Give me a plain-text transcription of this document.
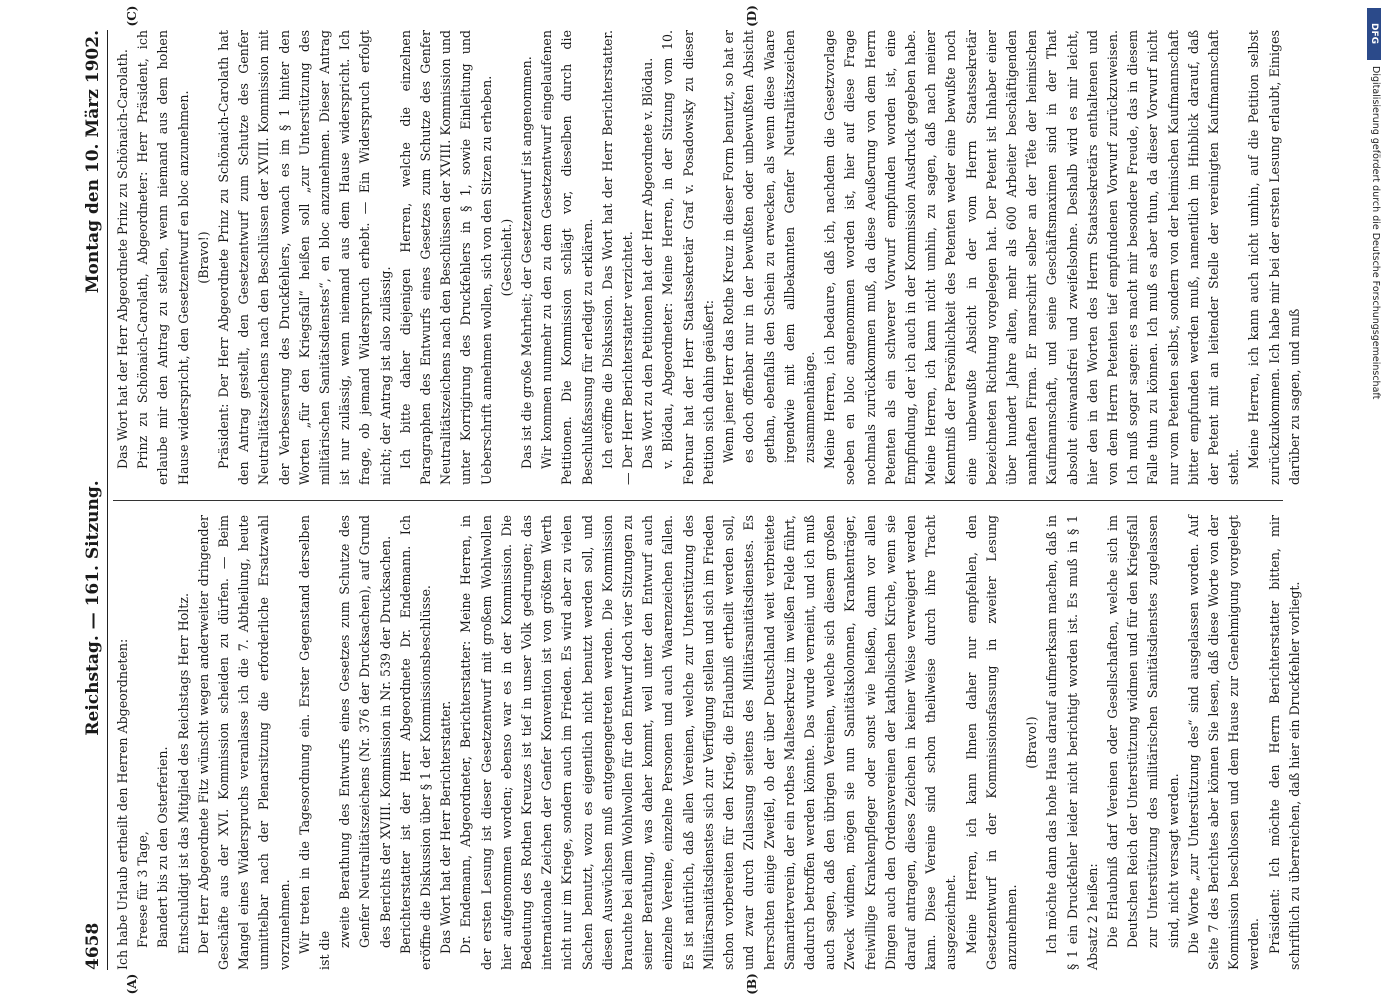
4658
Reichstag. — 161. Sitzung.
Montag den 10. März 1902.

Ich habe Urlaub ertheilt den Herren Abgeordneten: Freese für 3 Tage, Bandert bis zu den Osterferien. Entschuldigt ist das Mitglied des Reichstags Herr Holtz. Der Herr Abgeordnete Fitz wünscht wegen anderweiter dringender Geschäfte aus der XVI. Kommission scheiden zu dürfen. — Beim Mangel eines Widerspruchs veranlasse ich die 7. Abtheilung, heute unmittelbar nach der Plenarsitzung die erforderliche Ersatzwahl vorzunehmen. Wir treten in die Tagesordnung ein. Erster Gegenstand derselben ist die

zweite Berathung des Entwurfs eines Gesetzes zum Schutze des Genfer Neutralitätszeichens (Nr. 376 der Drucksachen), auf Grund des Berichts der XVIII. Kommission in Nr. 539 der Drucksachen. Berichterstatter ist der Herr Abgeordnete Dr. Endemann. Ich eröffne die Diskussion über § 1 der Kommissionsbeschlüsse. Das Wort hat der Herr Berichterstatter. Dr. Endemann, Abgeordneter, Berichterstatter: Meine Herren, in der ersten Lesung ist dieser Gesetzentwurf mit großem Wohlwollen hier aufgenommen worden; ebenso war es in der Kommission. Die Bedeutung des Rothen Kreuzes ist tief in unser Volk gedrungen; das internationale Zeichen der Genfer Konvention ist von größtem Werth nicht nur im Kriege, sondern auch im Frieden. Es wird aber zu vielen Sachen benutzt, wozu es eigentlich nicht benutzt werden soll, und diesen Auswüchsen muß entgegengetreten werden. Die Kommission brauchte bei allem Wohlwollen für den Entwurf doch vier Sitzungen zu seiner Berathung, was daher kommt, weil unter den Entwurf auch einzelne Vereine, einzelne Personen und auch Waarenzeichen fallen. Es ist natürlich, daß allen Vereinen, welche zur Unterstützung des Militärsanitätsdienstes sich zur Verfügung stellen und sich im Frieden schon vorbereiten für den Krieg, die Erlaubniß ertheilt werden soll, und zwar durch Zulassung seitens des Militärsanitätsdienstes. Es herrschten einige Zweifel, ob der über Deutschland weit verbreitete Samariterverein, der ein rothes Malteserkreuz im weißen Felde führt, dadurch betroffen werden könnte. Das wurde verneint, und ich muß auch sagen, daß den übrigen Vereinen, welche sich diesem großen Zweck widmen, mögen sie nun Sanitätskolonnen, Krankenträger, freiwillige Krankenpfleger oder sonst wie heißen, dann vor allen Dingen auch den Ordensvereinen der katholischen Kirche, wenn sie darauf antragen, dieses Zeichen in keiner Weise verweigert werden kann. Diese Vereine sind schon theilweise durch ihre Tracht ausgezeichnet. Meine Herren, ich kann Ihnen daher nur empfehlen, den Gesetzentwurf in der Kommissionsfassung in zweiter Lesung anzunehmen.

(Bravo!) Ich möchte dann das hohe Haus darauf aufmerksam machen, daß in § 1 ein Druckfehler leider nicht berichtigt worden ist. Es muß in § 1 Absatz 2 heißen: Die Erlaubniß darf Vereinen oder Gesellschaften, welche sich im Deutschen Reich der Unterstützung widmen und für den Kriegsfall zur Unterstützung des militärischen Sanitätsdienstes zugelassen sind, nicht versagt werden. Die Worte „zur Unterstützung des“ sind ausgelassen worden. Auf Seite 7 des Berichtes aber können Sie lesen, daß diese Worte von der Kommission beschlossen und dem Hause zur Genehmigung vorgelegt werden. Präsident: Ich möchte den Herrn Berichterstatter bitten, mir schriftlich zu überreichen, daß hier ein Druckfehler vorliegt.

Das Wort hat der Herr Abgeordnete Prinz zu Schönaich-Carolath. Prinz zu Schönaich-Carolath, Abgeordneter: Herr Präsident, ich erlaube mir den Antrag zu stellen, wenn niemand aus dem hohen Hause widerspricht, den Gesetzentwurf en bloc anzunehmen. (Bravo!) Präsident: Der Herr Abgeordnete Prinz zu Schönaich-Carolath hat den Antrag gestellt, den Gesetzentwurf zum Schutze des Genfer Neutralitätszeichens nach den Beschlüssen der XVIII. Kommission mit der Verbesserung des Druckfehlers, wonach es im § 1 hinter den Worten „für den Kriegsfall“ heißen soll „zur Unterstützung des militärischen Sanitätsdienstes“, en bloc anzunehmen. Dieser Antrag ist nur zulässig, wenn niemand aus dem Hause widerspricht. Ich frage, ob jemand Widerspruch erhebt. — Ein Widerspruch erfolgt nicht; der Antrag ist also zulässig. Ich bitte daher diejenigen Herren, welche die einzelnen Paragraphen des Entwurfs eines Gesetzes zum Schutze des Genfer Neutralitätszeichens nach den Beschlüssen der XVIII. Kommission und unter Korrigirung des Druckfehlers in § 1, sowie Einleitung und Ueberschrift annehmen wollen, sich von den Sitzen zu erheben. (Geschieht.) Das ist die große Mehrheit; der Gesetzentwurf ist angenommen. Wir kommen nunmehr zu den zu dem Gesetzentwurf eingelaufenen Petitionen. Die Kommission schlägt vor, dieselben durch die Beschlußfassung für erledigt zu erklären. Ich eröffne die Diskussion. Das Wort hat der Herr Berichterstatter. — Der Herr Berichterstatter verzichtet. Das Wort zu den Petitionen hat der Herr Abgeordnete v. Blödau. v. Blödau, Abgeordneter: Meine Herren, in der Sitzung vom 10. Februar hat der Herr Staatssekretär Graf v. Posadowsky zu dieser Petition sich dahin geäußert: Wenn jener Herr das Rothe Kreuz in dieser Form benutzt, so hat er es doch offenbar nur in der bewußten oder unbewußten Absicht gethan, ebenfalls den Schein zu erwecken, als wenn diese Waare irgendwie mit dem allbekannten Genfer Neutralitätszeichen zusammenhänge. Meine Herren, ich bedaure, daß ich, nachdem die Gesetzvorlage soeben en bloc angenommen worden ist, hier auf diese Frage nochmals zurückkommen muß, da diese Aeußerung von dem Herrn Petenten als ein schwerer Vorwurf empfunden worden ist, eine Empfindung, der ich auch in der Kommission Ausdruck gegeben habe. Meine Herren, ich kann nicht umhin, zu sagen, daß nach meiner Kenntniß der Persönlichkeit des Petenten weder eine bewußte noch eine unbewußte Absicht in der vom Herrn Staatssekretär bezeichneten Richtung vorgelegen hat. Der Petent ist Inhaber einer über hundert Jahre alten, mehr als 600 Arbeiter beschäftigenden namhaften Firma. Er marschirt selber an der Tête der heimischen Kaufmannschaft, und seine Geschäftsmaximen sind in der That absolut einwandsfrei und zweifelsohne. Deshalb wird es mir leicht, hier den in den Worten des Herrn Staatssekretärs enthaltenen und von dem Herrn Petenten tief empfundenen Vorwurf zurückzuweisen. Ich muß sogar sagen: es macht mir besondere Freude, das in diesem Falle thun zu können. Ich muß es aber thun, da dieser Vorwurf nicht nur vom Petenten selbst, sondern von der heimischen Kaufmannschaft bitter empfunden werden muß, namentlich im Hinblick darauf, daß der Petent mit an leitender Stelle der vereinigten Kaufmannschaft steht. Meine Herren, ich kann auch nicht umhin, auf die Petition selbst zurückzukommen. Ich habe mir bei der ersten Lesung erlaubt, Einiges darüber zu sagen, und muß

(A)	(B)
(C)	(D)
DFG
Digitalisierung gefördert durch die Deutsche Forschungsgemeinschaft
